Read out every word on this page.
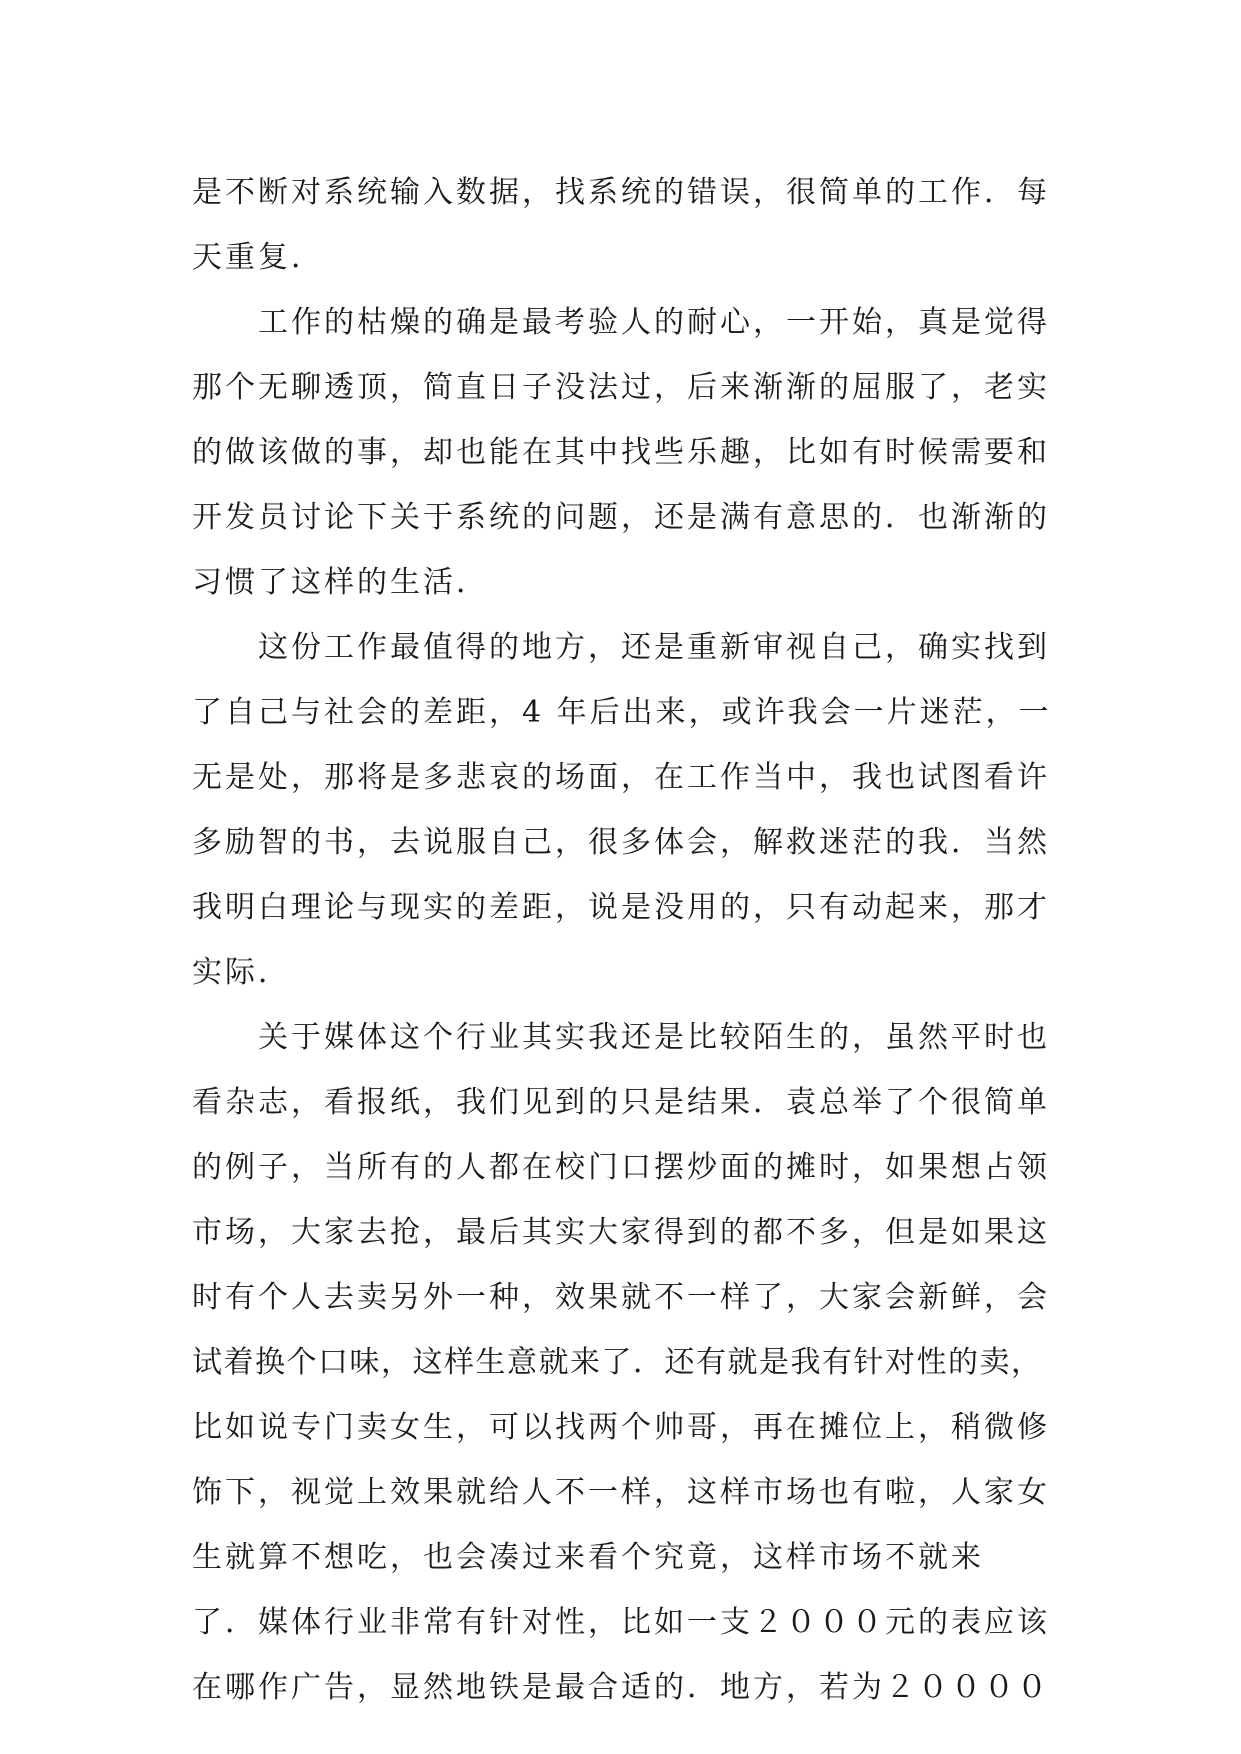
是不断对系统输入数据，找系统的错误，很简单的工作．每
天重复．
工作的枯燥的确是最考验人的耐心，一开始，真是觉得
那个无聊透顶，简直日子没法过，后来渐渐的屈服了，老实
的做该做的事，却也能在其中找些乐趣，比如有时候需要和
开发员讨论下关于系统的问题，还是满有意思的．也渐渐的
习惯了这样的生活．
这份工作最值得的地方，还是重新审视自己，确实找到
了自己与社会的差距，4 年后出来，或许我会一片迷茫，一
无是处，那将是多悲哀的场面，在工作当中，我也试图看许
多励智的书，去说服自己，很多体会，解救迷茫的我．当然
我明白理论与现实的差距，说是没用的，只有动起来，那才
实际．
关于媒体这个行业其实我还是比较陌生的，虽然平时也
看杂志，看报纸，我们见到的只是结果．袁总举了个很简单
的例子，当所有的人都在校门口摆炒面的摊时，如果想占领
市场，大家去抢，最后其实大家得到的都不多，但是如果这
时有个人去卖另外一种，效果就不一样了，大家会新鲜，会
试着换个口味，这样生意就来了．还有就是我有针对性的卖，
比如说专门卖女生，可以找两个帅哥，再在摊位上，稍微修
饰下，视觉上效果就给人不一样，这样市场也有啦，人家女
生就算不想吃，也会凑过来看个究竟，这样市场不就来
了．媒体行业非常有针对性，比如一支２０００元的表应该
在哪作广告，显然地铁是最合适的．地方，若为２００００
